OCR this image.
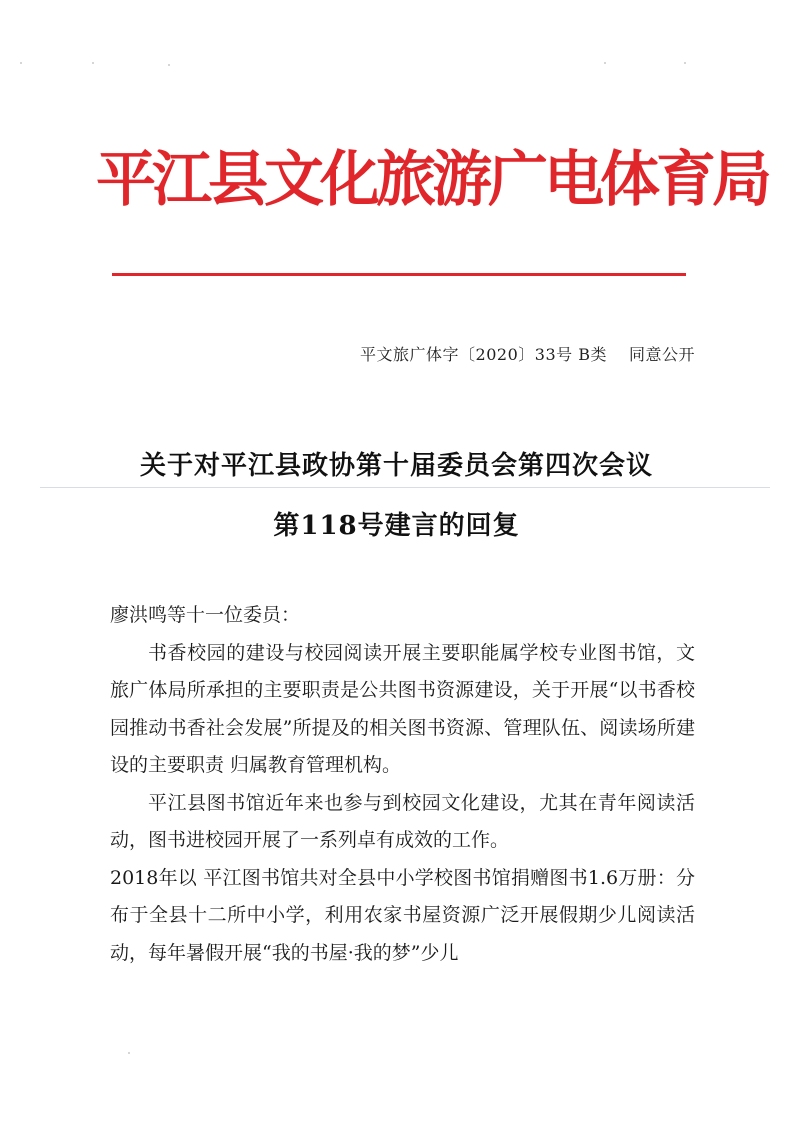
平江县文化旅游广电体育局
平文旅广体字〔2020〕33号 B类 同意公开
关于对平江县政协第十届委员会第四次会议
第118号建言的回复

廖洪鸣等十一位委员：

书香校园的建设与校园阅读开展主要职能属学校专业图书馆，文旅广体局所承担的主要职责是公共图书资源建设，关于开展“以书香校园推动书香社会发展”所提及的相关图书资源、管理队伍、阅读场所建设的主要职责 归属教育管理机构。

平江县图书馆近年来也参与到校园文化建设，尤其在青年阅读活动，图书进校园开展了一系列卓有成效的工作。

2018年以 平江图书馆共对全县中小学校图书馆捐赠图书1.6万册：分布于全县十二所中小学，利用农家书屋资源广泛开展假期少儿阅读活动，每年暑假开展“我的书屋·我的梦”少儿
